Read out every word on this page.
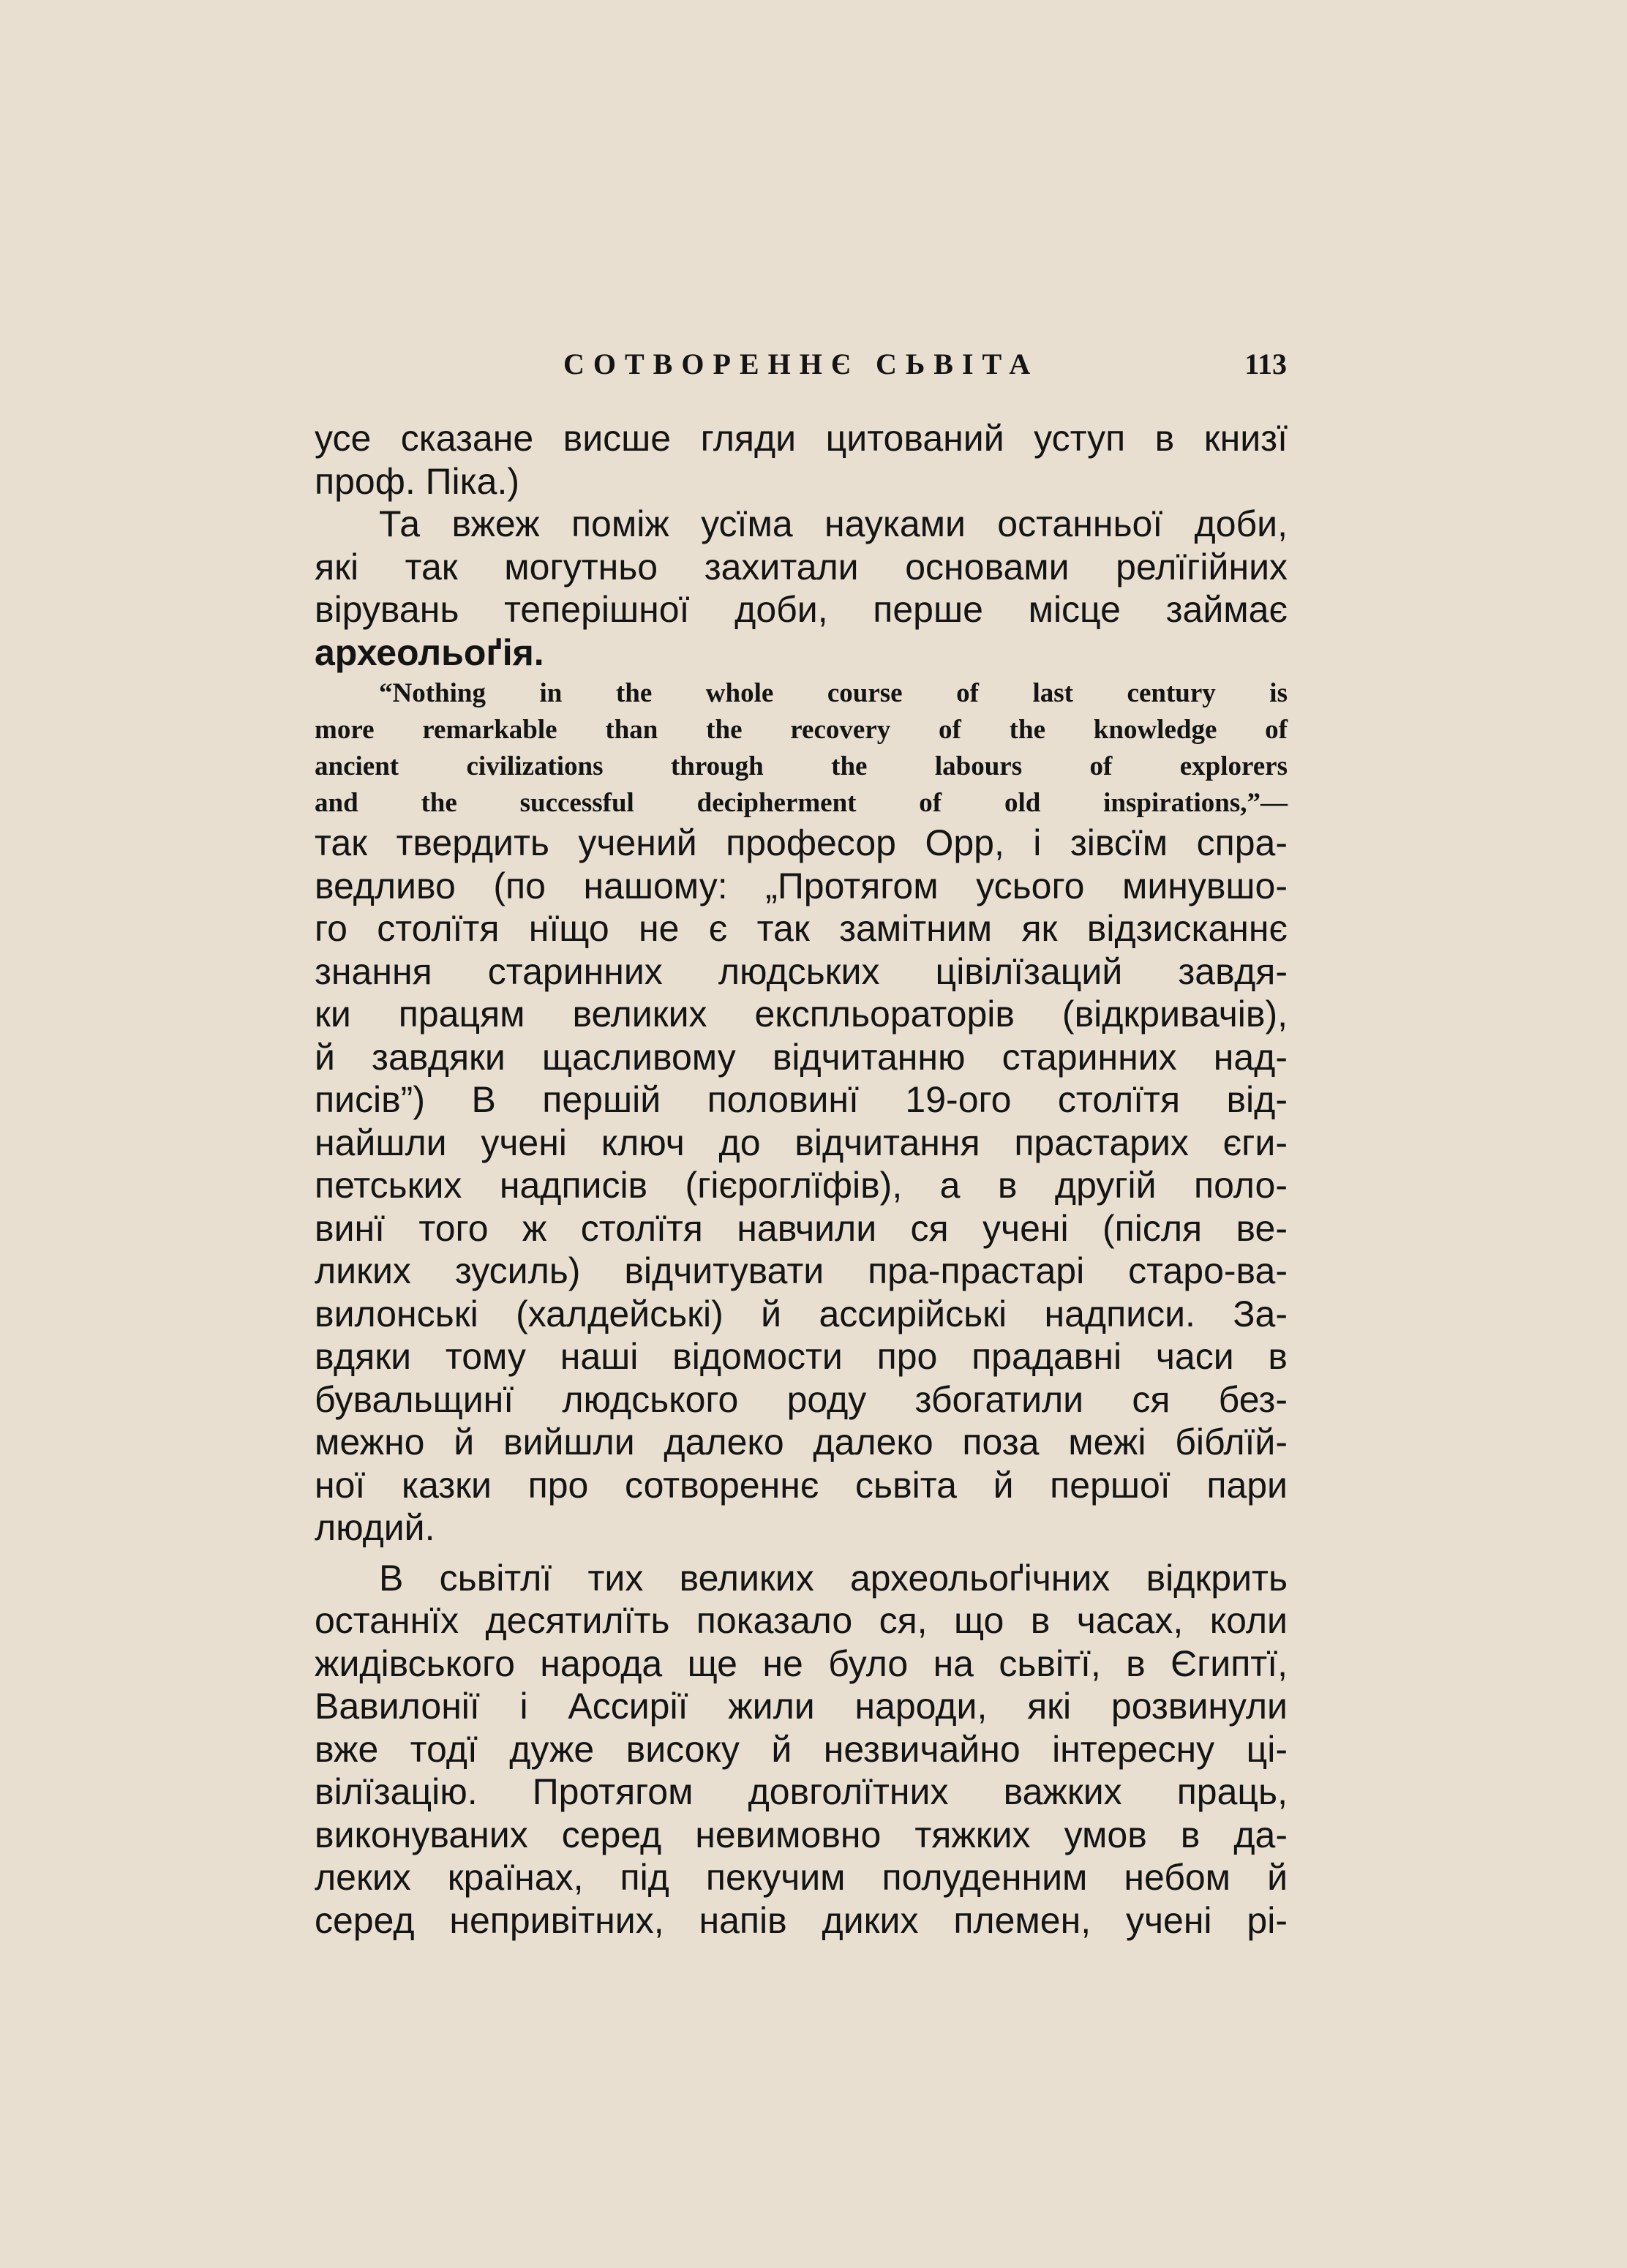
СОТВОРЕННЄ СЬВІТА	113
усе сказане висше гляди цитований уступ в книзї
проф. Піка.)
Та вжеж поміж усїма науками останньої доби,
які так могутньо захитали основами релїгійних
вірувань теперішної доби, перше місце займає
археольоґія.
“Nothing in the whole course of last century is
more remarkable than the recovery of the knowledge of
ancient civilizations through the labours of explorers
and the successful decipherment of old inspirations,”—
так твердить учений професор Орр, і зівсїм спра-
ведливо (по нашому: „Протягом усього минувшо-
го столїтя нїщо не є так замітним як відзисканнє
знання старинних людських цівілїзаций завдя-
ки працям великих експльораторів (відкривачів),
й завдяки щасливому відчитанню старинних над-
писів”) В першій половинї 19-ого столїтя від-
найшли учені ключ до відчитання прастарих єги-
петських надписів (гієроглїфів), а в другій поло-
винї того ж столїтя навчили ся учені (після ве-
ликих зусиль) відчитувати пра-прастарі старо-ва-
вилонські (халдейські) й ассирійські надписи. За-
вдяки тому наші відомости про прадавні часи в
бувальщинї людського роду збогатили ся без-
межно й вийшли далеко далеко поза межі біблїй-
ної казки про сотвореннє сьвіта й першої пари
людий.
В сьвітлї тих великих археольоґічних відкрить
останнїх десятилїть показало ся, що в часах, коли
жидівського народа ще не було на сьвітї, в Єгиптї,
Вавилонії і Ассирії жили народи, які розвинули
вже тодї дуже високу й незвичайно інтересну ці-
вілїзацію. Протягом довголїтних важких праць,
виконуваних серед невимовно тяжких умов в да-
леких країнах, під пекучим полуденним небом й
серед непривітних, напів диких племен, учені рі-
